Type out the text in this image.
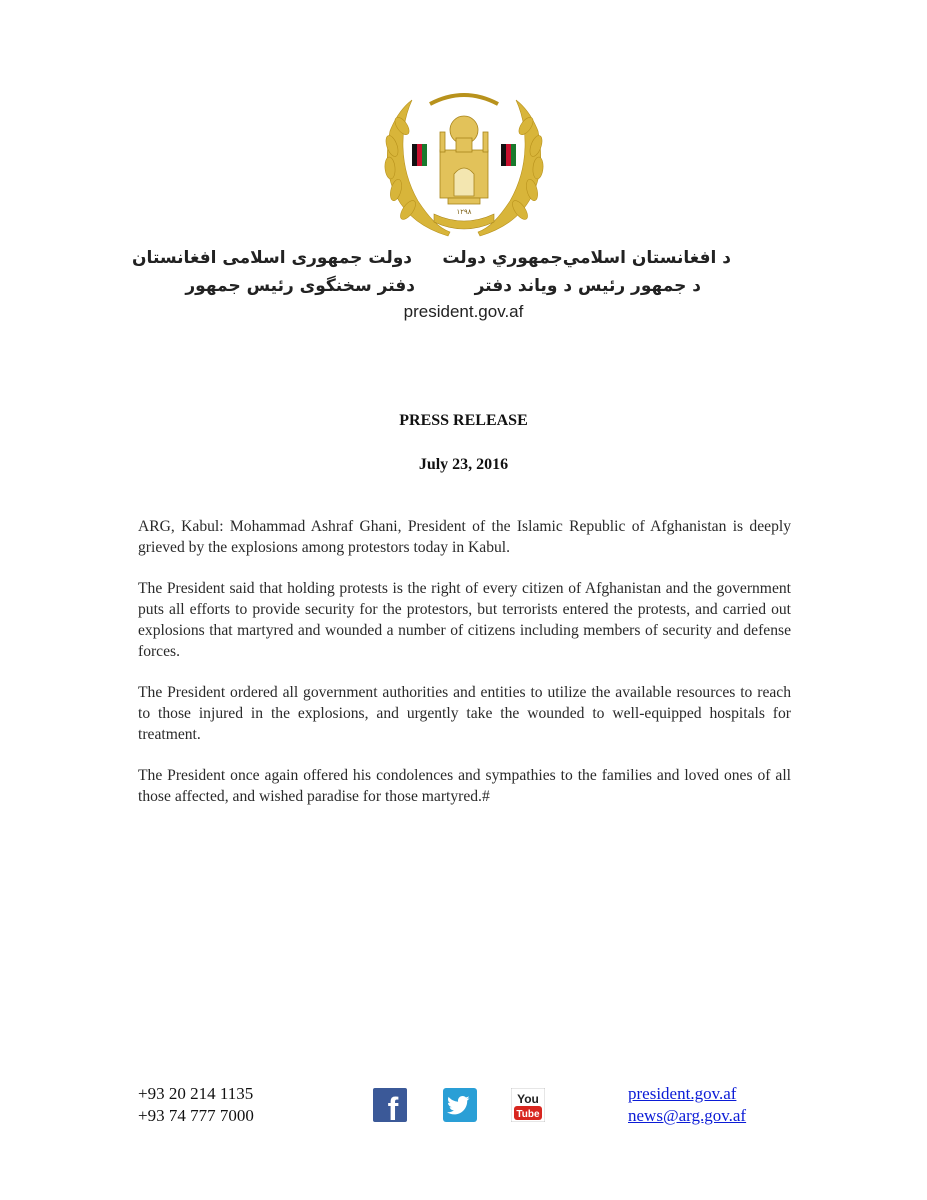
۱۲۹۸
د افغانستان اسلامي‌جمهوري دولت
دولت جمهوری اسلامی افغانستان
د جمهور رئیس د ویاند دفتر
دفتر سخنگوی رئیس جمهور
president.gov.af
PRESS RELEASE
July 23, 2016

ARG, Kabul: Mohammad Ashraf Ghani, President of the Islamic Republic of Afghanistan is deeply grieved by the explosions among protestors today in Kabul.

The President said that holding protests is the right of every citizen of Afghanistan and the government puts all efforts to provide security for the protestors, but terrorists entered the protests, and carried out explosions that martyred and wounded a number of citizens including members of security and defense forces.

The President ordered all government authorities and entities to utilize the available resources to reach to those injured in the explosions, and urgently take the wounded to well-equipped hospitals for treatment.

The President once again offered his condolences and sympathies to the families and loved ones of all those affected, and wished paradise for those martyred.#

+93 20 214 1135
+93 74 777 7000	f	You
Tube
president.gov.af
news@arg.gov.af
